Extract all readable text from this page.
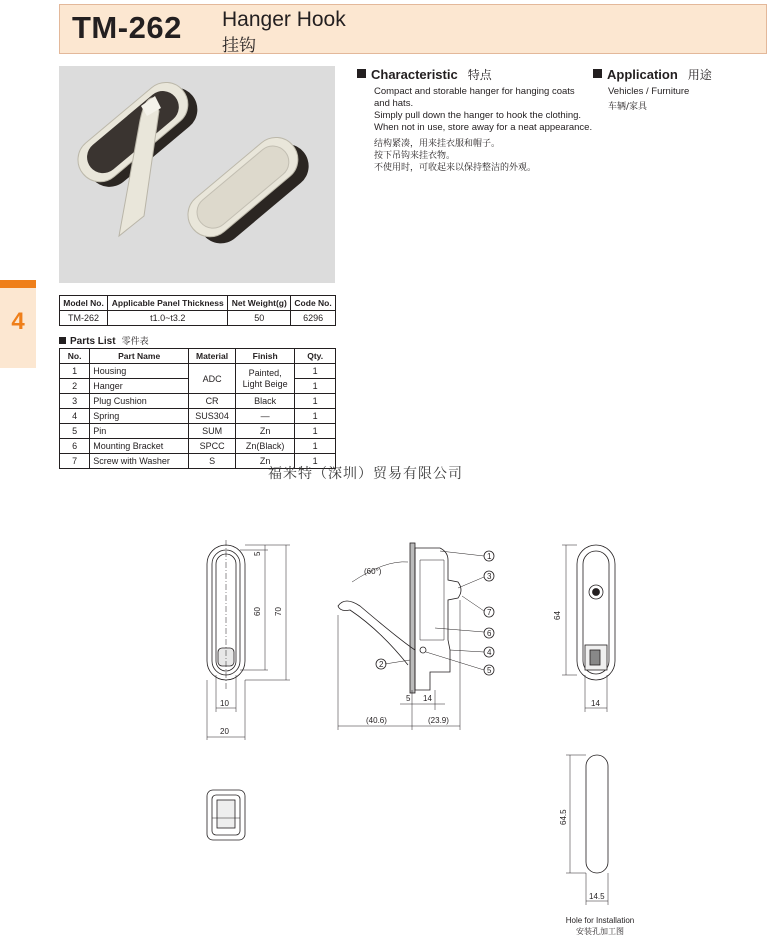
TM-262 Hanger Hook
挂钩
4
Characteristic 特点
Compact and storable hanger for hanging coats
and hats.
Simply pull down the hanger to hook the clothing.
When not in use, store away for a neat appearance.
结构紧凑，用来挂衣服和帽子。
按下吊钩来挂衣物。
不使用时，可收起来以保持整洁的外观。
Application 用途
Vehicles / Furniture
车辆/家具
Model No.	Applicable Panel Thickness	Net Weight(g)	Code No.
TM-262	t1.0~t3.2	50	6296
Parts List 零件表
No.	Part Name	Material	Finish	Qty.
1	Housing	ADC	Painted, Light Beige	1
2	Hanger			1
3	Plug Cushion	CR	Black	1
4	Spring	SUS304	—	1
5	Pin	SUM	Zn	1
6	Mounting Bracket	SPCC	Zn(Black)	1
7	Screw with Washer	S	Zn	1
福米特（深圳）贸易有限公司
5
60 70
10
20
(60°)
5 14
(40.6)	(23.9)
1
3
7
6
4
5
2
64
14
64.5
14.5
Hole for Installation
安装孔加工图
